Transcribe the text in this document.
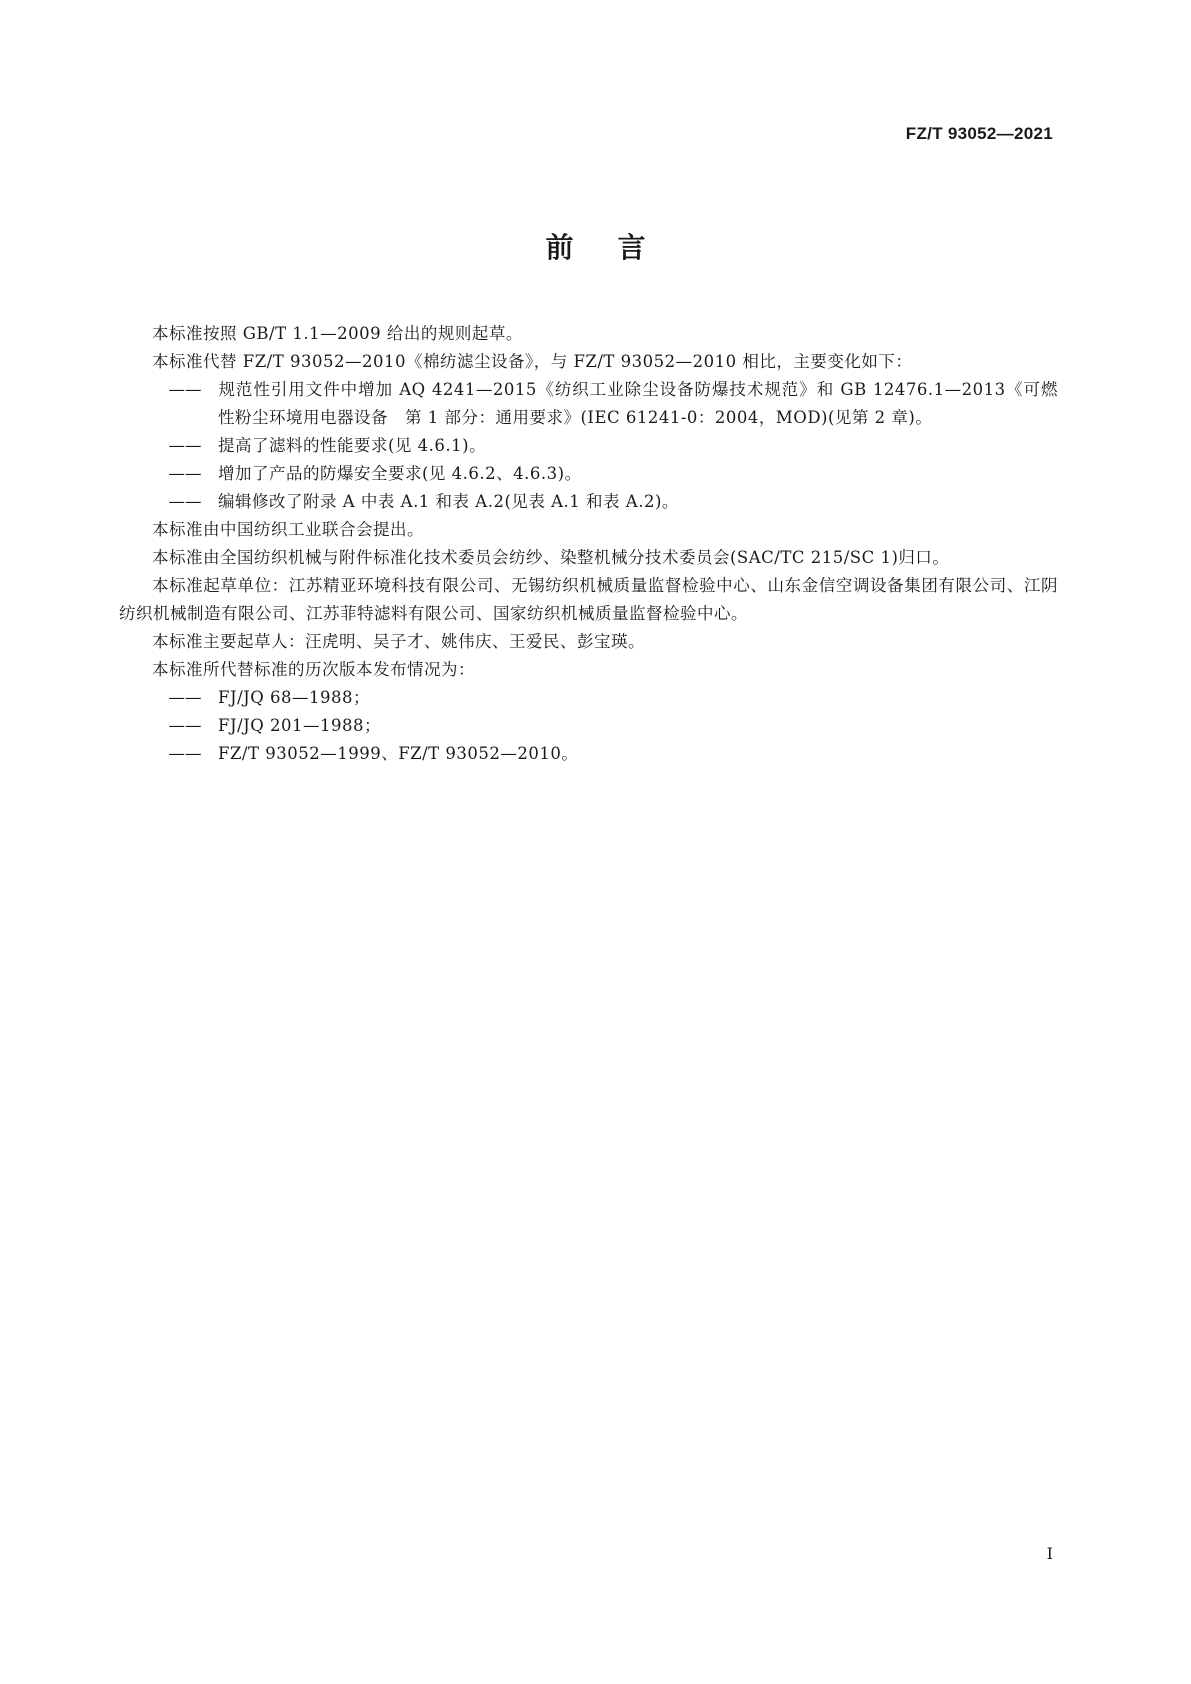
FZ/T 93052—2021
前言

本标准按照 GB/T 1.1—2009 给出的规则起草。

本标准代替 FZ/T 93052—2010《棉纺滤尘设备》，与 FZ/T 93052—2010 相比，主要变化如下：

—— 规范性引用文件中增加 AQ 4241—2015《纺织工业除尘设备防爆技术规范》和 GB 12476.1—2013《可燃性粉尘环境用电器设备　第 1 部分：通用要求》(IEC 61241-0：2004，MOD)(见第 2 章)。

—— 提高了滤料的性能要求(见 4.6.1)。

—— 增加了产品的防爆安全要求(见 4.6.2、4.6.3)。

—— 编辑修改了附录 A 中表 A.1 和表 A.2(见表 A.1 和表 A.2)。

本标准由中国纺织工业联合会提出。

本标准由全国纺织机械与附件标准化技术委员会纺纱、染整机械分技术委员会(SAC/TC 215/SC 1)归口。

本标准起草单位：江苏精亚环境科技有限公司、无锡纺织机械质量监督检验中心、山东金信空调设备集团有限公司、江阴纺织机械制造有限公司、江苏菲特滤料有限公司、国家纺织机械质量监督检验中心。

本标准主要起草人：汪虎明、吴子才、姚伟庆、王爱民、彭宝瑛。

本标准所代替标准的历次版本发布情况为：

—— FJ/JQ 68—1988；

—— FJ/JQ 201—1988；

—— FZ/T 93052—1999、FZ/T 93052—2010。

I
